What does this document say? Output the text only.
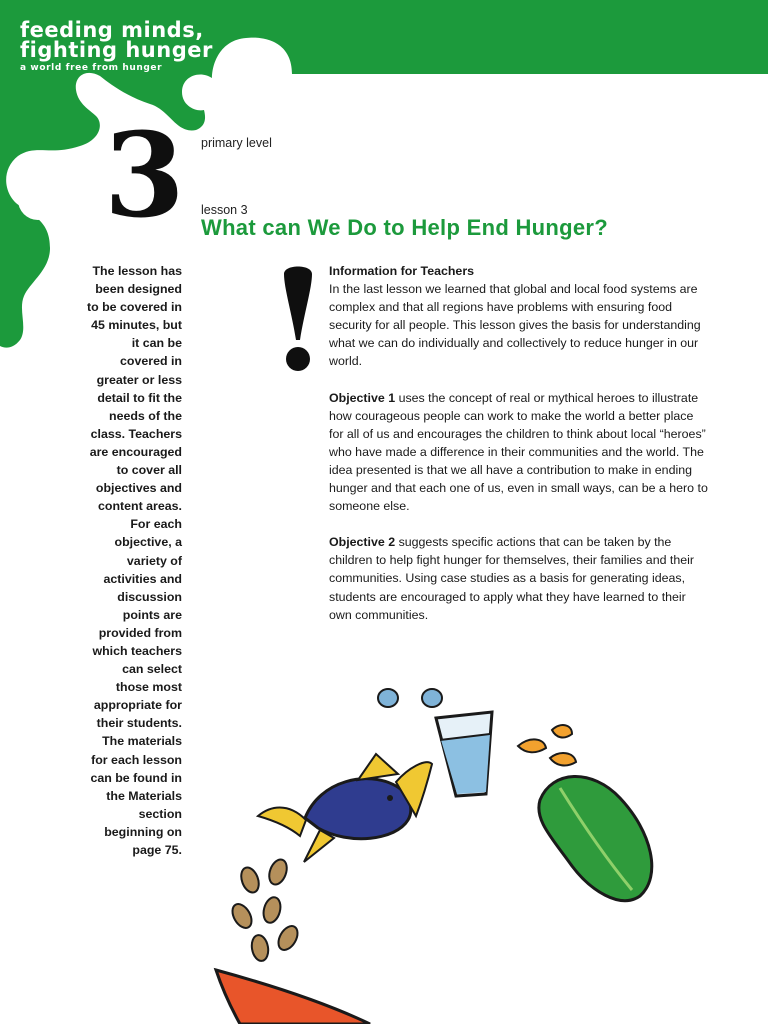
feeding minds,
fighting hunger
a world free from hunger
3 primary level
lesson 3
What can We Do to Help End Hunger?
The lesson has
been designed
to be covered in
45 minutes, but
it can be
covered in
greater or less
detail to fit the
needs of the
class. Teachers
are encouraged
to cover all
objectives and
content areas.
For each
objective, a
variety of
activities and
discussion
points are
provided from
which teachers
can select
those most
appropriate for
their students.
The materials
for each lesson
can be found in
the Materials
section
beginning on
page 75.
Information for Teachers

In the last lesson we learned that global and local food systems are complex and that all regions have problems with ensuring food security for all people. This lesson gives the basis for understanding what we can do individually and collectively to reduce hunger in our world.

Objective 1 uses the concept of real or mythical heroes to illustrate how courageous people can work to make the world a better place for all of us and encourages the children to think about local “heroes” who have made a difference in their communities and the world. The idea presented is that we all have a contribution to make in ending hunger and that each one of us, even in small ways, can be a hero to someone else.

Objective 2 suggests specific actions that can be taken by the children to help fight hunger for themselves, their families and their communities. Using case studies as a basis for generating ideas, students are encouraged to apply what they have learned to their own communities.
